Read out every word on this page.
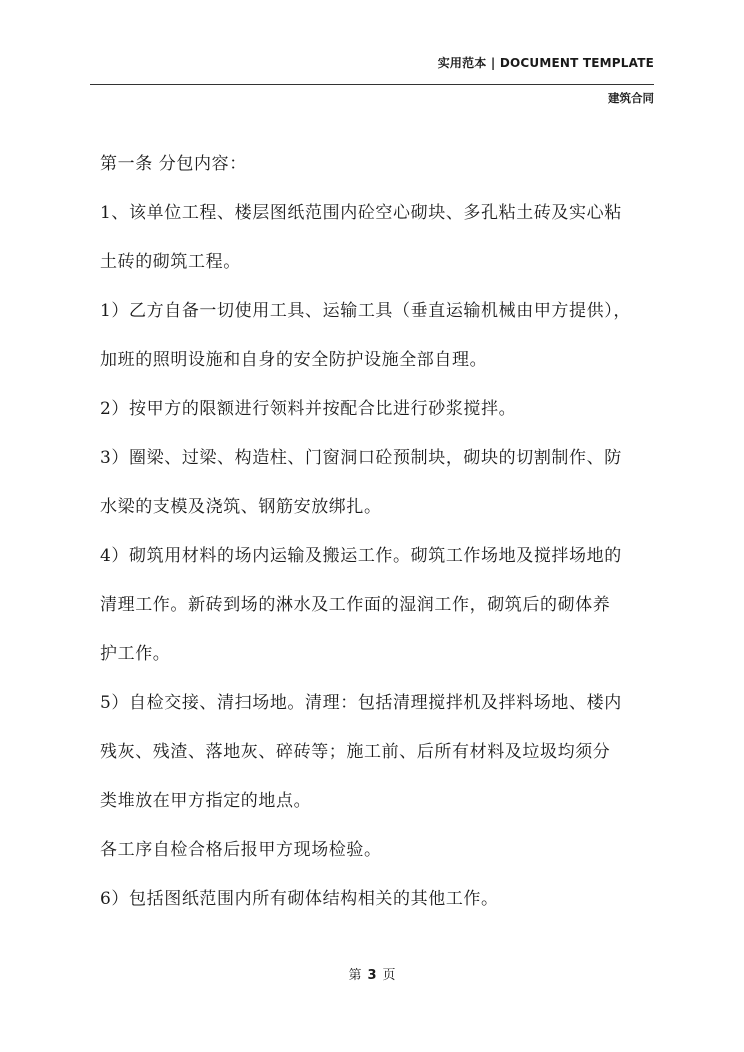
实用范本 | DOCUMENT TEMPLATE
建筑合同

第一条 分包内容：

1、该单位工程、楼层图纸范围内砼空心砌块、多孔粘土砖及实心粘

土砖的砌筑工程。

1）乙方自备一切使用工具、运输工具（垂直运输机械由甲方提供），

加班的照明设施和自身的安全防护设施全部自理。

2）按甲方的限额进行领料并按配合比进行砂浆搅拌。

3）圈梁、过梁、构造柱、门窗洞口砼预制块，砌块的切割制作、防

水梁的支模及浇筑、钢筋安放绑扎。

4）砌筑用材料的场内运输及搬运工作。砌筑工作场地及搅拌场地的

清理工作。新砖到场的淋水及工作面的湿润工作，砌筑后的砌体养

护工作。

5）自检交接、清扫场地。清理：包括清理搅拌机及拌料场地、楼内

残灰、残渣、落地灰、碎砖等；施工前、后所有材料及垃圾均须分

类堆放在甲方指定的地点。

各工序自检合格后报甲方现场检验。

6）包括图纸范围内所有砌体结构相关的其他工作。

第 3 页
